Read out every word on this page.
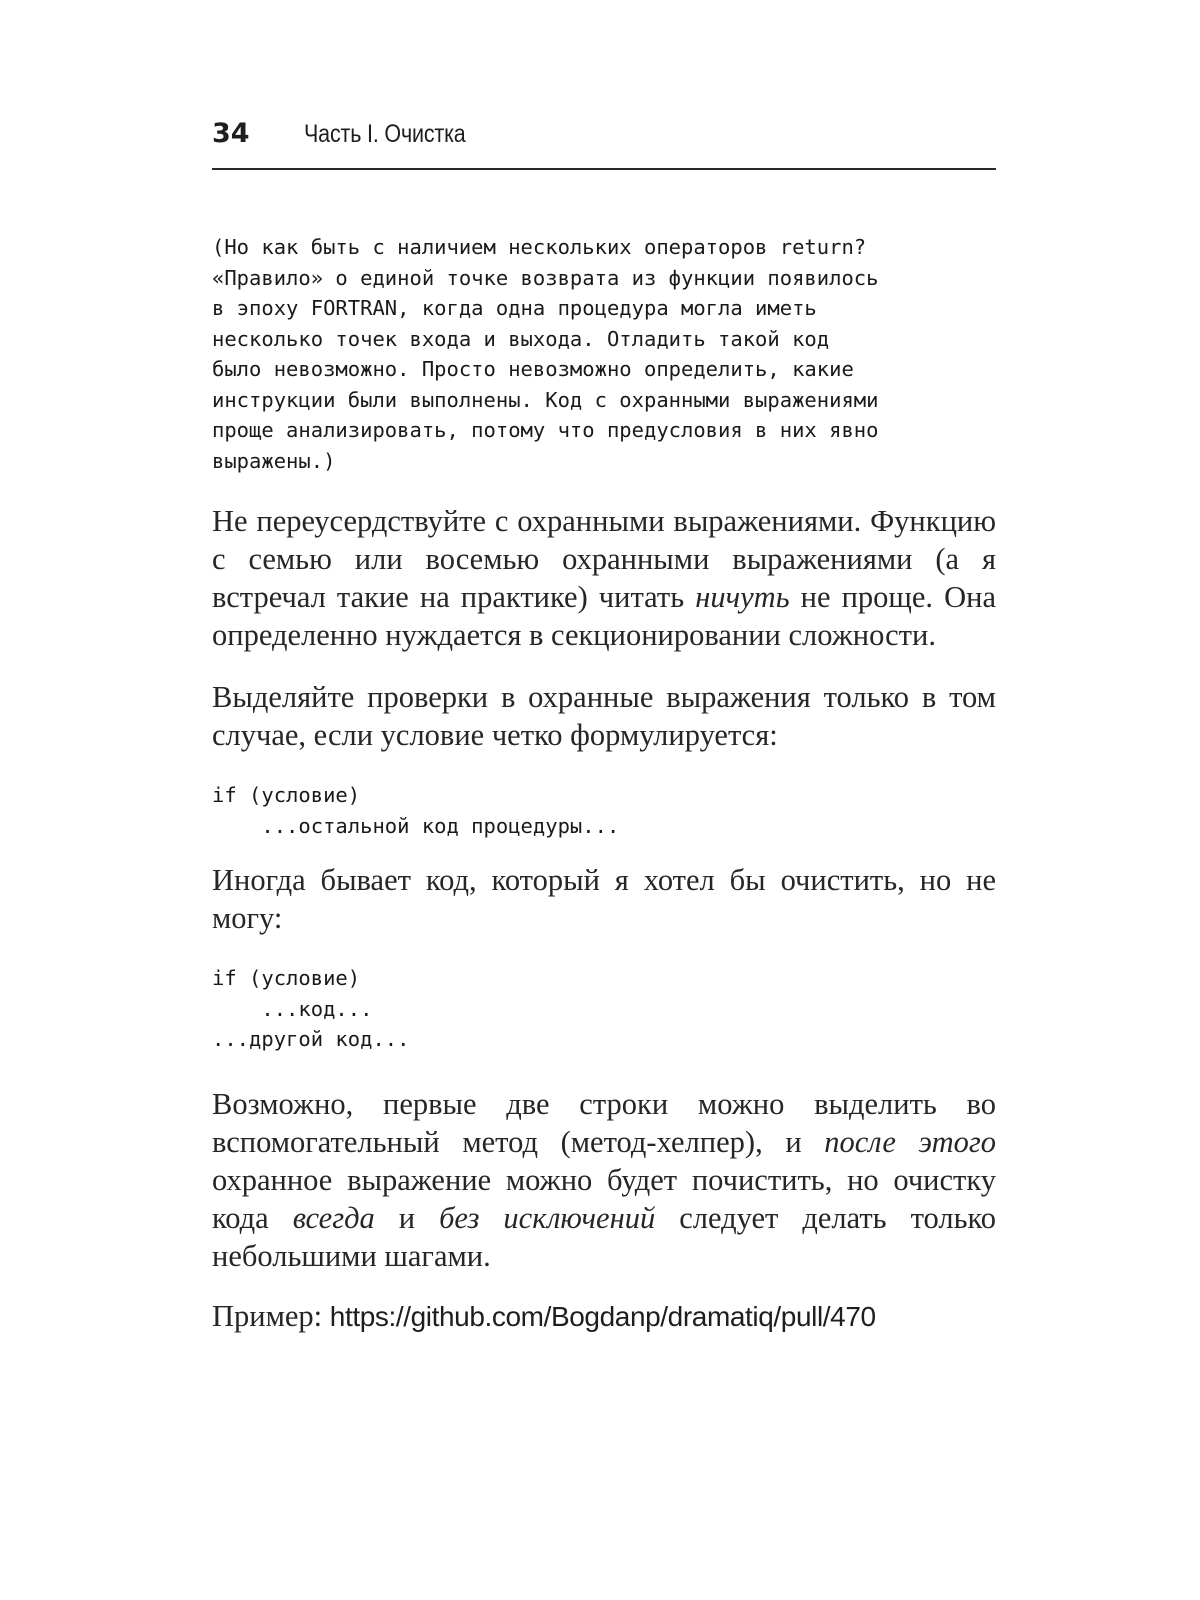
34	Часть I. Очистка
(Но как быть с наличием нескольких операторов return?
«Правило» о единой точке возврата из функции появилось
в эпоху FORTRAN, когда одна процедура могла иметь
несколько точек входа и выхода. Отладить такой код
было невозможно. Просто невозможно определить, какие
инструкции были выполнены. Код с охранными выражениями
проще анализировать, потому что предусловия в них явно
выражены.)

Не переусердствуйте с охранными выражениями. Функцию с семью или восемью охранными выражениями (а я встречал такие на практике) читать ничуть не проще. Она определенно нуждается в секционировании сложности.

Выделяйте проверки в охранные выражения только в том случае, если условие четко формулируется:

if (условие)
...остальной код процедуры...

Иногда бывает код, который я хотел бы очистить, но не могу:

if (условие)
...код...
...другой код...

Возможно, первые две строки можно выделить во вспомогательный метод (метод-хелпер), и после этого охранное выражение можно будет почистить, но очистку кода всегда и без исключений следует делать только небольшими шагами.

Пример: https://github.com/Bogdanp/dramatiq/pull/470
